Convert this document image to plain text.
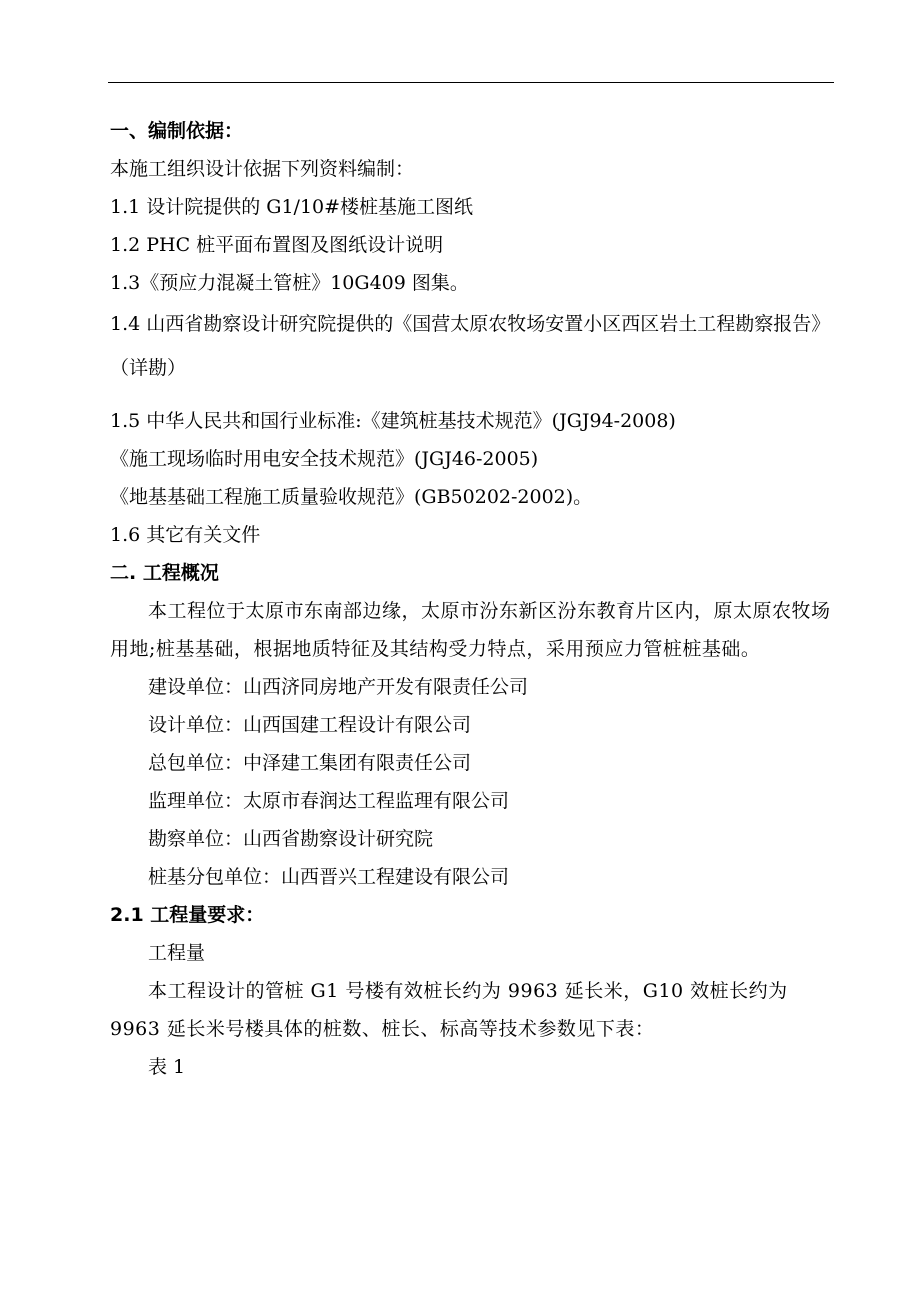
一、编制依据：
本施工组织设计依据下列资料编制：
1.1 设计院提供的 G1/10#楼桩基施工图纸
1.2 PHC 桩平面布置图及图纸设计说明
1.3《预应力混凝土管桩》10G409 图集。
1.4 山西省勘察设计研究院提供的《国营太原农牧场安置小区西区岩土工程勘察报告》（详勘）
1.5 中华人民共和国行业标准:《建筑桩基技术规范》(JGJ94-2008)
《施工现场临时用电安全技术规范》(JGJ46-2005)
《地基基础工程施工质量验收规范》(GB50202-2002)。
1.6 其它有关文件
二. 工程概况
本工程位于太原市东南部边缘，太原市汾东新区汾东教育片区内，原太原农牧场用地;桩基基础，根据地质特征及其结构受力特点，采用预应力管桩桩基础。
建设单位：山西济同房地产开发有限责任公司
设计单位：山西国建工程设计有限公司
总包单位：中泽建工集团有限责任公司
监理单位：太原市春润达工程监理有限公司
勘察单位：山西省勘察设计研究院
桩基分包单位：山西晋兴工程建设有限公司
2.1 工程量要求：
工程量
本工程设计的管桩 G1 号楼有效桩长约为 9963 延长米，G10 效桩长约为 9963 延长米号楼具体的桩数、桩长、标高等技术参数见下表：
表 1
